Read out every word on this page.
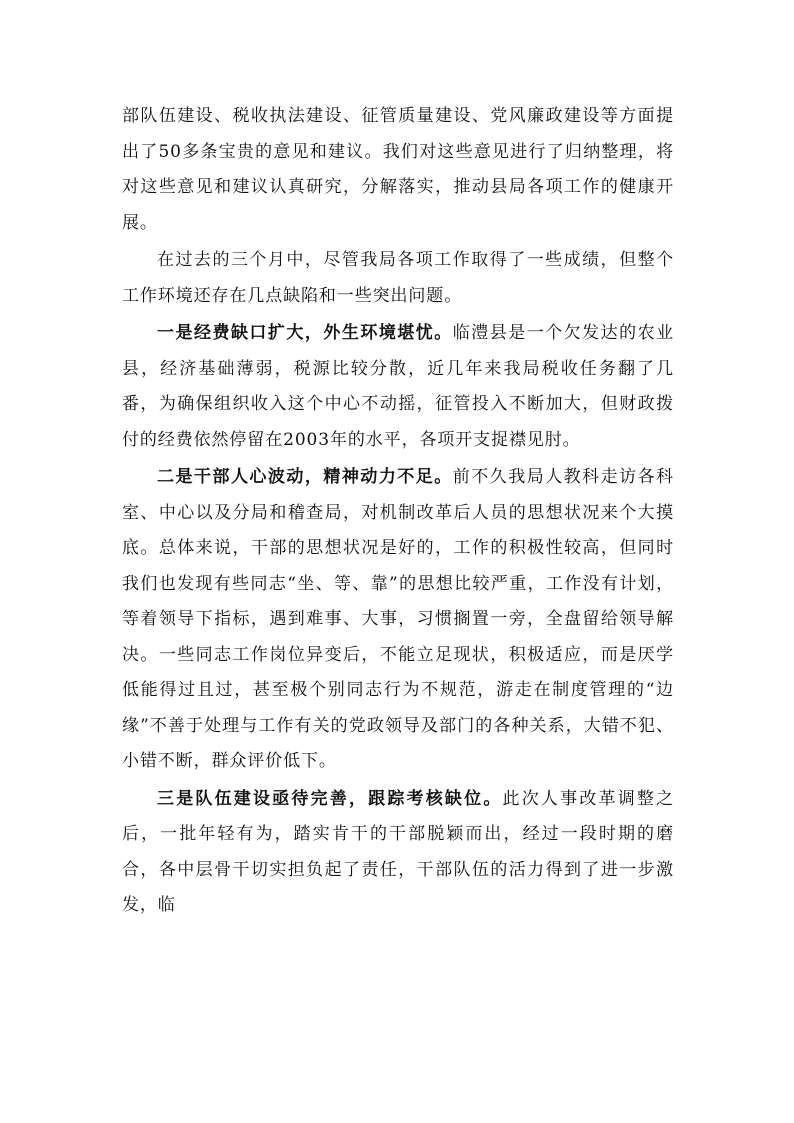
部队伍建设、税收执法建设、征管质量建设、党风廉政建设等方面提出了50多条宝贵的意见和建议。我们对这些意见进行了归纳整理，将对这些意见和建议认真研究，分解落实，推动县局各项工作的健康开展。

在过去的三个月中，尽管我局各项工作取得了一些成绩，但整个工作环境还存在几点缺陷和一些突出问题。

一是经费缺口扩大，外生环境堪忧。临澧县是一个欠发达的农业县，经济基础薄弱，税源比较分散，近几年来我局税收任务翻了几番，为确保组织收入这个中心不动摇，征管投入不断加大，但财政拨付的经费依然停留在2003年的水平，各项开支捉襟见肘。

二是干部人心波动，精神动力不足。前不久我局人教科走访各科室、中心以及分局和稽查局，对机制改革后人员的思想状况来个大摸底。总体来说，干部的思想状况是好的，工作的积极性较高，但同时我们也发现有些同志“坐、等、靠”的思想比较严重，工作没有计划，等着领导下指标，遇到难事、大事，习惯搁置一旁，全盘留给领导解决。一些同志工作岗位异变后，不能立足现状，积极适应，而是厌学低能得过且过，甚至极个别同志行为不规范，游走在制度管理的“边缘”不善于处理与工作有关的党政领导及部门的各种关系，大错不犯、小错不断，群众评价低下。

三是队伍建设亟待完善，跟踪考核缺位。此次人事改革调整之后，一批年轻有为，踏实肯干的干部脱颖而出，经过一段时期的磨合，各中层骨干切实担负起了责任，干部队伍的活力得到了进一步激发，临
